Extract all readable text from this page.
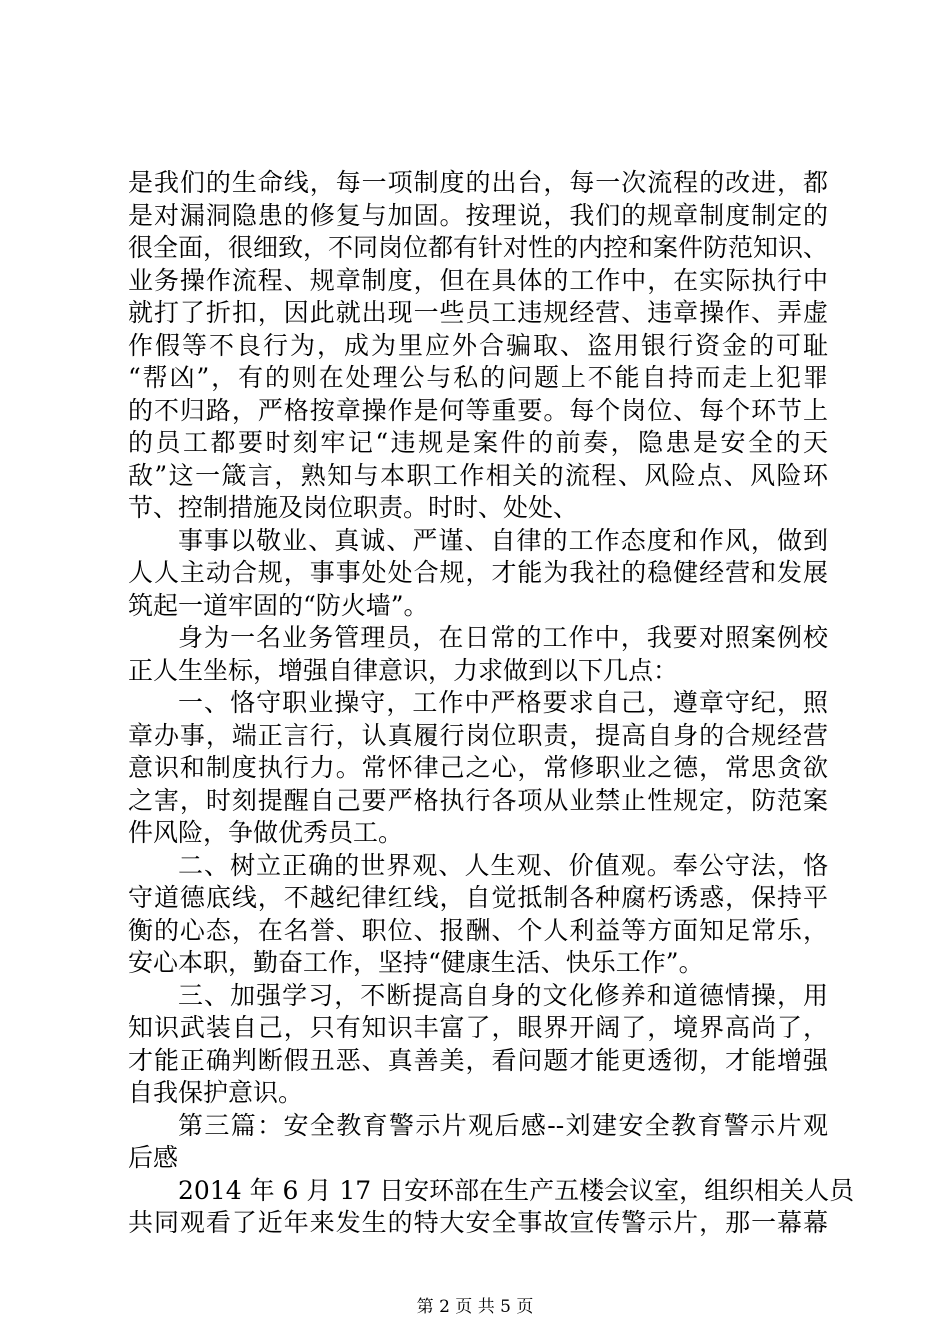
是我们的生命线，每一项制度的出台，每一次流程的改进，都
是对漏洞隐患的修复与加固。按理说，我们的规章制度制定的
很全面，很细致，不同岗位都有针对性的内控和案件防范知识、
业务操作流程、规章制度，但在具体的工作中，在实际执行中
就打了折扣，因此就出现一些员工违规经营、违章操作、弄虚
作假等不良行为，成为里应外合骗取、盗用银行资金的可耻
“帮凶”，有的则在处理公与私的问题上不能自持而走上犯罪
的不归路，严格按章操作是何等重要。每个岗位、每个环节上
的员工都要时刻牢记“违规是案件的前奏，隐患是安全的天
敌”这一箴言，熟知与本职工作相关的流程、风险点、风险环
节、控制措施及岗位职责。时时、处处、
事事以敬业、真诚、严谨、自律的工作态度和作风，做到
人人主动合规，事事处处合规，才能为我社的稳健经营和发展
筑起一道牢固的“防火墙”。
身为一名业务管理员，在日常的工作中，我要对照案例校
正人生坐标，增强自律意识，力求做到以下几点：
一、恪守职业操守，工作中严格要求自己，遵章守纪，照
章办事，端正言行，认真履行岗位职责，提高自身的合规经营
意识和制度执行力。常怀律己之心，常修职业之德，常思贪欲
之害，时刻提醒自己要严格执行各项从业禁止性规定，防范案
件风险，争做优秀员工。
二、树立正确的世界观、人生观、价值观。奉公守法，恪
守道德底线，不越纪律红线，自觉抵制各种腐朽诱惑，保持平
衡的心态，在名誉、职位、报酬、个人利益等方面知足常乐，
安心本职，勤奋工作，坚持“健康生活、快乐工作”。
三、加强学习，不断提高自身的文化修养和道德情操，用
知识武装自己，只有知识丰富了，眼界开阔了，境界高尚了，
才能正确判断假丑恶、真善美，看问题才能更透彻，才能增强
自我保护意识。
第三篇：安全教育警示片观后感--刘建安全教育警示片观
后感
2014 年 6 月 17 日安环部在生产五楼会议室，组织相关人员
共同观看了近年来发生的特大安全事故宣传警示片，那一幕幕
第 2 页 共 5 页
